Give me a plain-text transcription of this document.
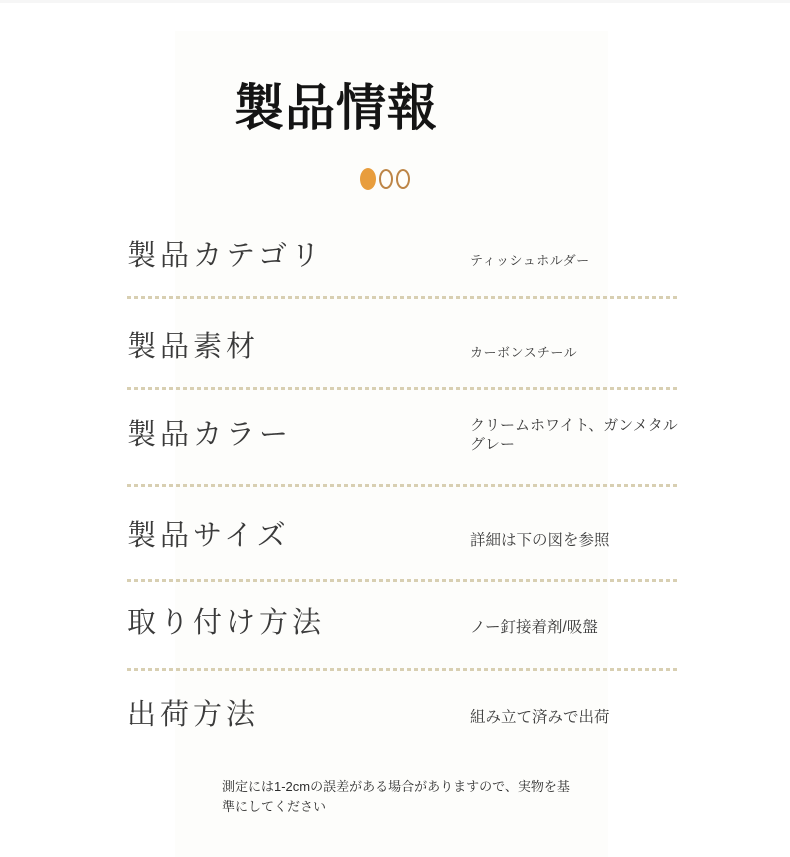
製品情報

製品カテゴリ	ティッシュホルダー

製品素材	カーボンスチール

製品カラー	クリームホワイト、ガンメタルグレー

製品サイズ	詳細は下の図を参照

取り付け方法	ノー釘接着剤/吸盤

出荷方法	組み立て済みで出荷
測定には1-2cmの誤差がある場合がありますので、実物を基準にしてください
